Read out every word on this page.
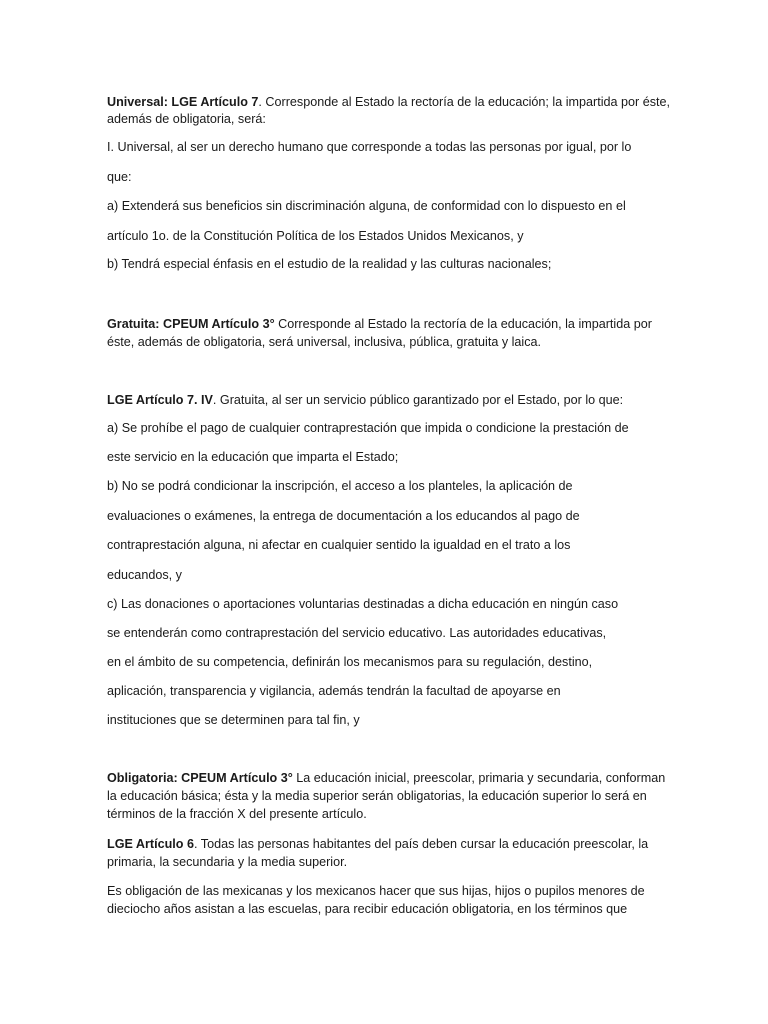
Universal: LGE Artículo 7. Corresponde al Estado la rectoría de la educación; la impartida por éste,

además de obligatoria, será:

I. Universal, al ser un derecho humano que corresponde a todas las personas por igual, por lo

que:

a) Extenderá sus beneficios sin discriminación alguna, de conformidad con lo dispuesto en el

artículo 1o. de la Constitución Política de los Estados Unidos Mexicanos, y

b) Tendrá especial énfasis en el estudio de la realidad y las culturas nacionales;

Gratuita: CPEUM Artículo 3° Corresponde al Estado la rectoría de la educación, la impartida por

éste, además de obligatoria, será universal, inclusiva, pública, gratuita y laica.

LGE Artículo 7. IV. Gratuita, al ser un servicio público garantizado por el Estado, por lo que:

a) Se prohíbe el pago de cualquier contraprestación que impida o condicione la prestación de

este servicio en la educación que imparta el Estado;

b) No se podrá condicionar la inscripción, el acceso a los planteles, la aplicación de

evaluaciones o exámenes, la entrega de documentación a los educandos al pago de

contraprestación alguna, ni afectar en cualquier sentido la igualdad en el trato a los

educandos, y

c) Las donaciones o aportaciones voluntarias destinadas a dicha educación en ningún caso

se entenderán como contraprestación del servicio educativo. Las autoridades educativas,

en el ámbito de su competencia, definirán los mecanismos para su regulación, destino,

aplicación, transparencia y vigilancia, además tendrán la facultad de apoyarse en

instituciones que se determinen para tal fin, y

Obligatoria: CPEUM Artículo 3° La educación inicial, preescolar, primaria y secundaria, conforman

la educación básica; ésta y la media superior serán obligatorias, la educación superior lo será en

términos de la fracción X del presente artículo.

LGE Artículo 6. Todas las personas habitantes del país deben cursar la educación preescolar, la

primaria, la secundaria y la media superior.

Es obligación de las mexicanas y los mexicanos hacer que sus hijas, hijos o pupilos menores de

dieciocho años asistan a las escuelas, para recibir educación obligatoria, en los términos que
